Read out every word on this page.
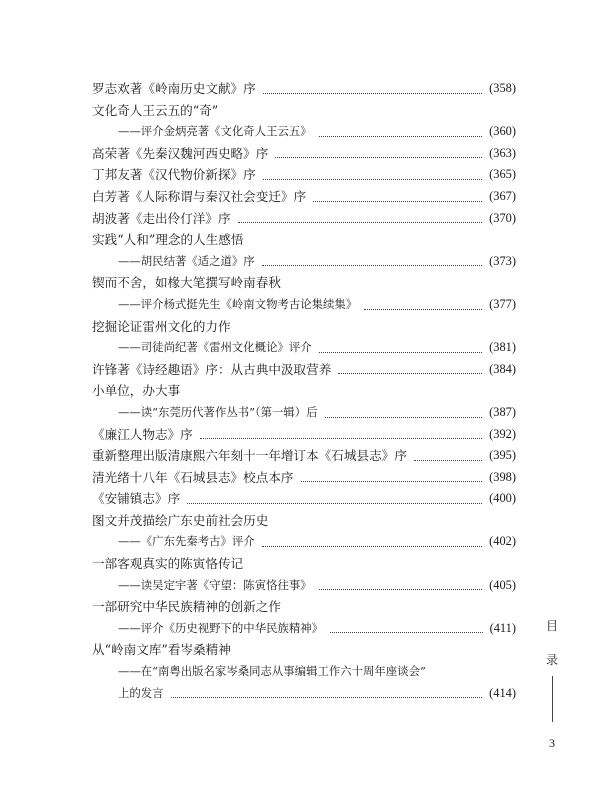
罗志欢著《岭南历史文献》序	( 358 )
文化奇人王云五的“奇”
——评介金炳亮著《文化奇人王云五》	( 360 )
高荣著《先秦汉魏河西史略》序	( 363 )
丁邦友著《汉代物价新探》序	( 365 )
白芳著《人际称谓与秦汉社会变迁》序	( 367 )
胡波著《走出伶仃洋》序	( 370 )
实践“人和”理念的人生感悟
——胡民结著《适之道》序	( 373 )
锲而不舍，如椽大笔撰写岭南春秋
——评介杨式挺先生《岭南文物考古论集续集》	( 377 )
挖掘论证雷州文化的力作
——司徒尚纪著《雷州文化概论》评介	( 381 )
许锋著《诗经趣语》序：从古典中汲取营养	( 384 )
小单位，办大事
——读“东莞历代著作丛书”（第一辑）后	( 387 )
《廉江人物志》序	( 392 )
重新整理出版清康熙六年刻十一年增订本《石城县志》序	( 395 )
清光绪十八年《石城县志》校点本序	( 398 )
《安铺镇志》序	( 400 )
图文并茂描绘广东史前社会历史
——《广东先秦考古》评介	( 402 )
一部客观真实的陈寅恪传记
——读吴定宇著《守望：陈寅恪往事》	( 405 )
一部研究中华民族精神的创新之作
——评介《历史视野下的中华民族精神》	( 411 )
从“岭南文库”看岑桑精神
——在“南粤出版名家岑桑同志从事编辑工作六十周年座谈会”
上的发言	( 414 )
目
录
3
